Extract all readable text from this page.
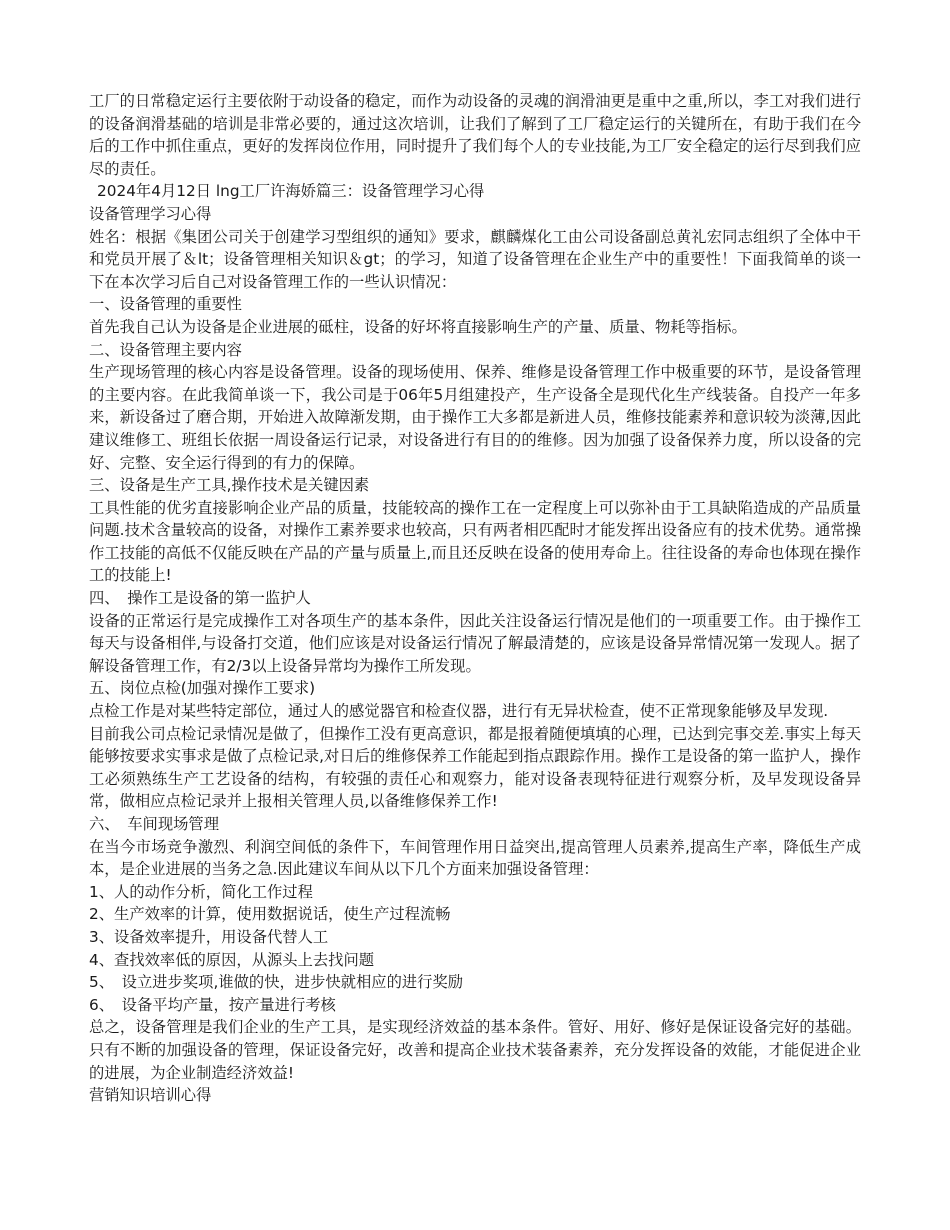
工厂的日常稳定运行主要依附于动设备的稳定，而作为动设备的灵魂的润滑油更是重中之重,所以，李工对我们进行的设备润滑基础的培训是非常必要的，通过这次培训，让我们了解到了工厂稳定运行的关键所在，有助于我们在今后的工作中抓住重点，更好的发挥岗位作用，同时提升了我们每个人的专业技能,为工厂安全稳定的运行尽到我们应尽的责任。

2024年4月12日 lng工厂许海娇篇三：设备管理学习心得

设备管理学习心得

姓名：根据《集团公司关于创建学习型组织的通知》要求，麒麟煤化工由公司设备副总黄礼宏同志组织了全体中干和党员开展了＆lt；设备管理相关知识＆gt；的学习，知道了设备管理在企业生产中的重要性！下面我简单的谈一下在本次学习后自己对设备管理工作的一些认识情况：

一、设备管理的重要性

首先我自己认为设备是企业进展的砥柱，设备的好坏将直接影响生产的产量、质量、物耗等指标。

二、设备管理主要内容

生产现场管理的核心内容是设备管理。设备的现场使用、保养、维修是设备管理工作中极重要的环节，是设备管理的主要内容。在此我简单谈一下，我公司是于06年5月组建投产，生产设备全是现代化生产线装备。自投产一年多来，新设备过了磨合期，开始进入故障渐发期，由于操作工大多都是新进人员，维修技能素养和意识较为淡薄,因此建议维修工、班组长依据一周设备运行记录，对设备进行有目的的维修。因为加强了设备保养力度，所以设备的完好、完整、安全运行得到的有力的保障。

三、设备是生产工具,操作技术是关键因素

工具性能的优劣直接影响企业产品的质量，技能较高的操作工在一定程度上可以弥补由于工具缺陷造成的产品质量问题.技术含量较高的设备，对操作工素养要求也较高，只有两者相匹配时才能发挥出设备应有的技术优势。通常操作工技能的高低不仅能反映在产品的产量与质量上,而且还反映在设备的使用寿命上。往往设备的寿命也体现在操作工的技能上!

四、　操作工是设备的第一监护人

设备的正常运行是完成操作工对各项生产的基本条件，因此关注设备运行情况是他们的一项重要工作。由于操作工每天与设备相伴,与设备打交道，他们应该是对设备运行情况了解最清楚的，应该是设备异常情况第一发现人。据了解设备管理工作，有2/3以上设备异常均为操作工所发现。

五、岗位点检(加强对操作工要求)

点检工作是对某些特定部位，通过人的感觉器官和检查仪器，进行有无异状检查，使不正常现象能够及早发现.

目前我公司点检记录情况是做了，但操作工没有更高意识，都是报着随便填填的心理，已达到完事交差.事实上每天能够按要求实事求是做了点检记录,对日后的维修保养工作能起到指点跟踪作用。操作工是设备的第一监护人，操作工必须熟练生产工艺设备的结构，有较强的责任心和观察力，能对设备表现特征进行观察分析，及早发现设备异常，做相应点检记录并上报相关管理人员,以备维修保养工作!

六、　车间现场管理

在当今市场竞争激烈、利润空间低的条件下，车间管理作用日益突出,提高管理人员素养,提高生产率，降低生产成本，是企业进展的当务之急.因此建议车间从以下几个方面来加强设备管理：

1、人的动作分析，简化工作过程

2、生产效率的计算，使用数据说话，使生产过程流畅

3、设备效率提升，用设备代替人工

4、查找效率低的原因，从源头上去找问题

5、　设立进步奖项,谁做的快，进步快就相应的进行奖励

6、　设备平均产量，按产量进行考核

总之，设备管理是我们企业的生产工具，是实现经济效益的基本条件。管好、用好、修好是保证设备完好的基础。只有不断的加强设备的管理，保证设备完好，改善和提高企业技术装备素养，充分发挥设备的效能，才能促进企业的进展，为企业制造经济效益!

营销知识培训心得
